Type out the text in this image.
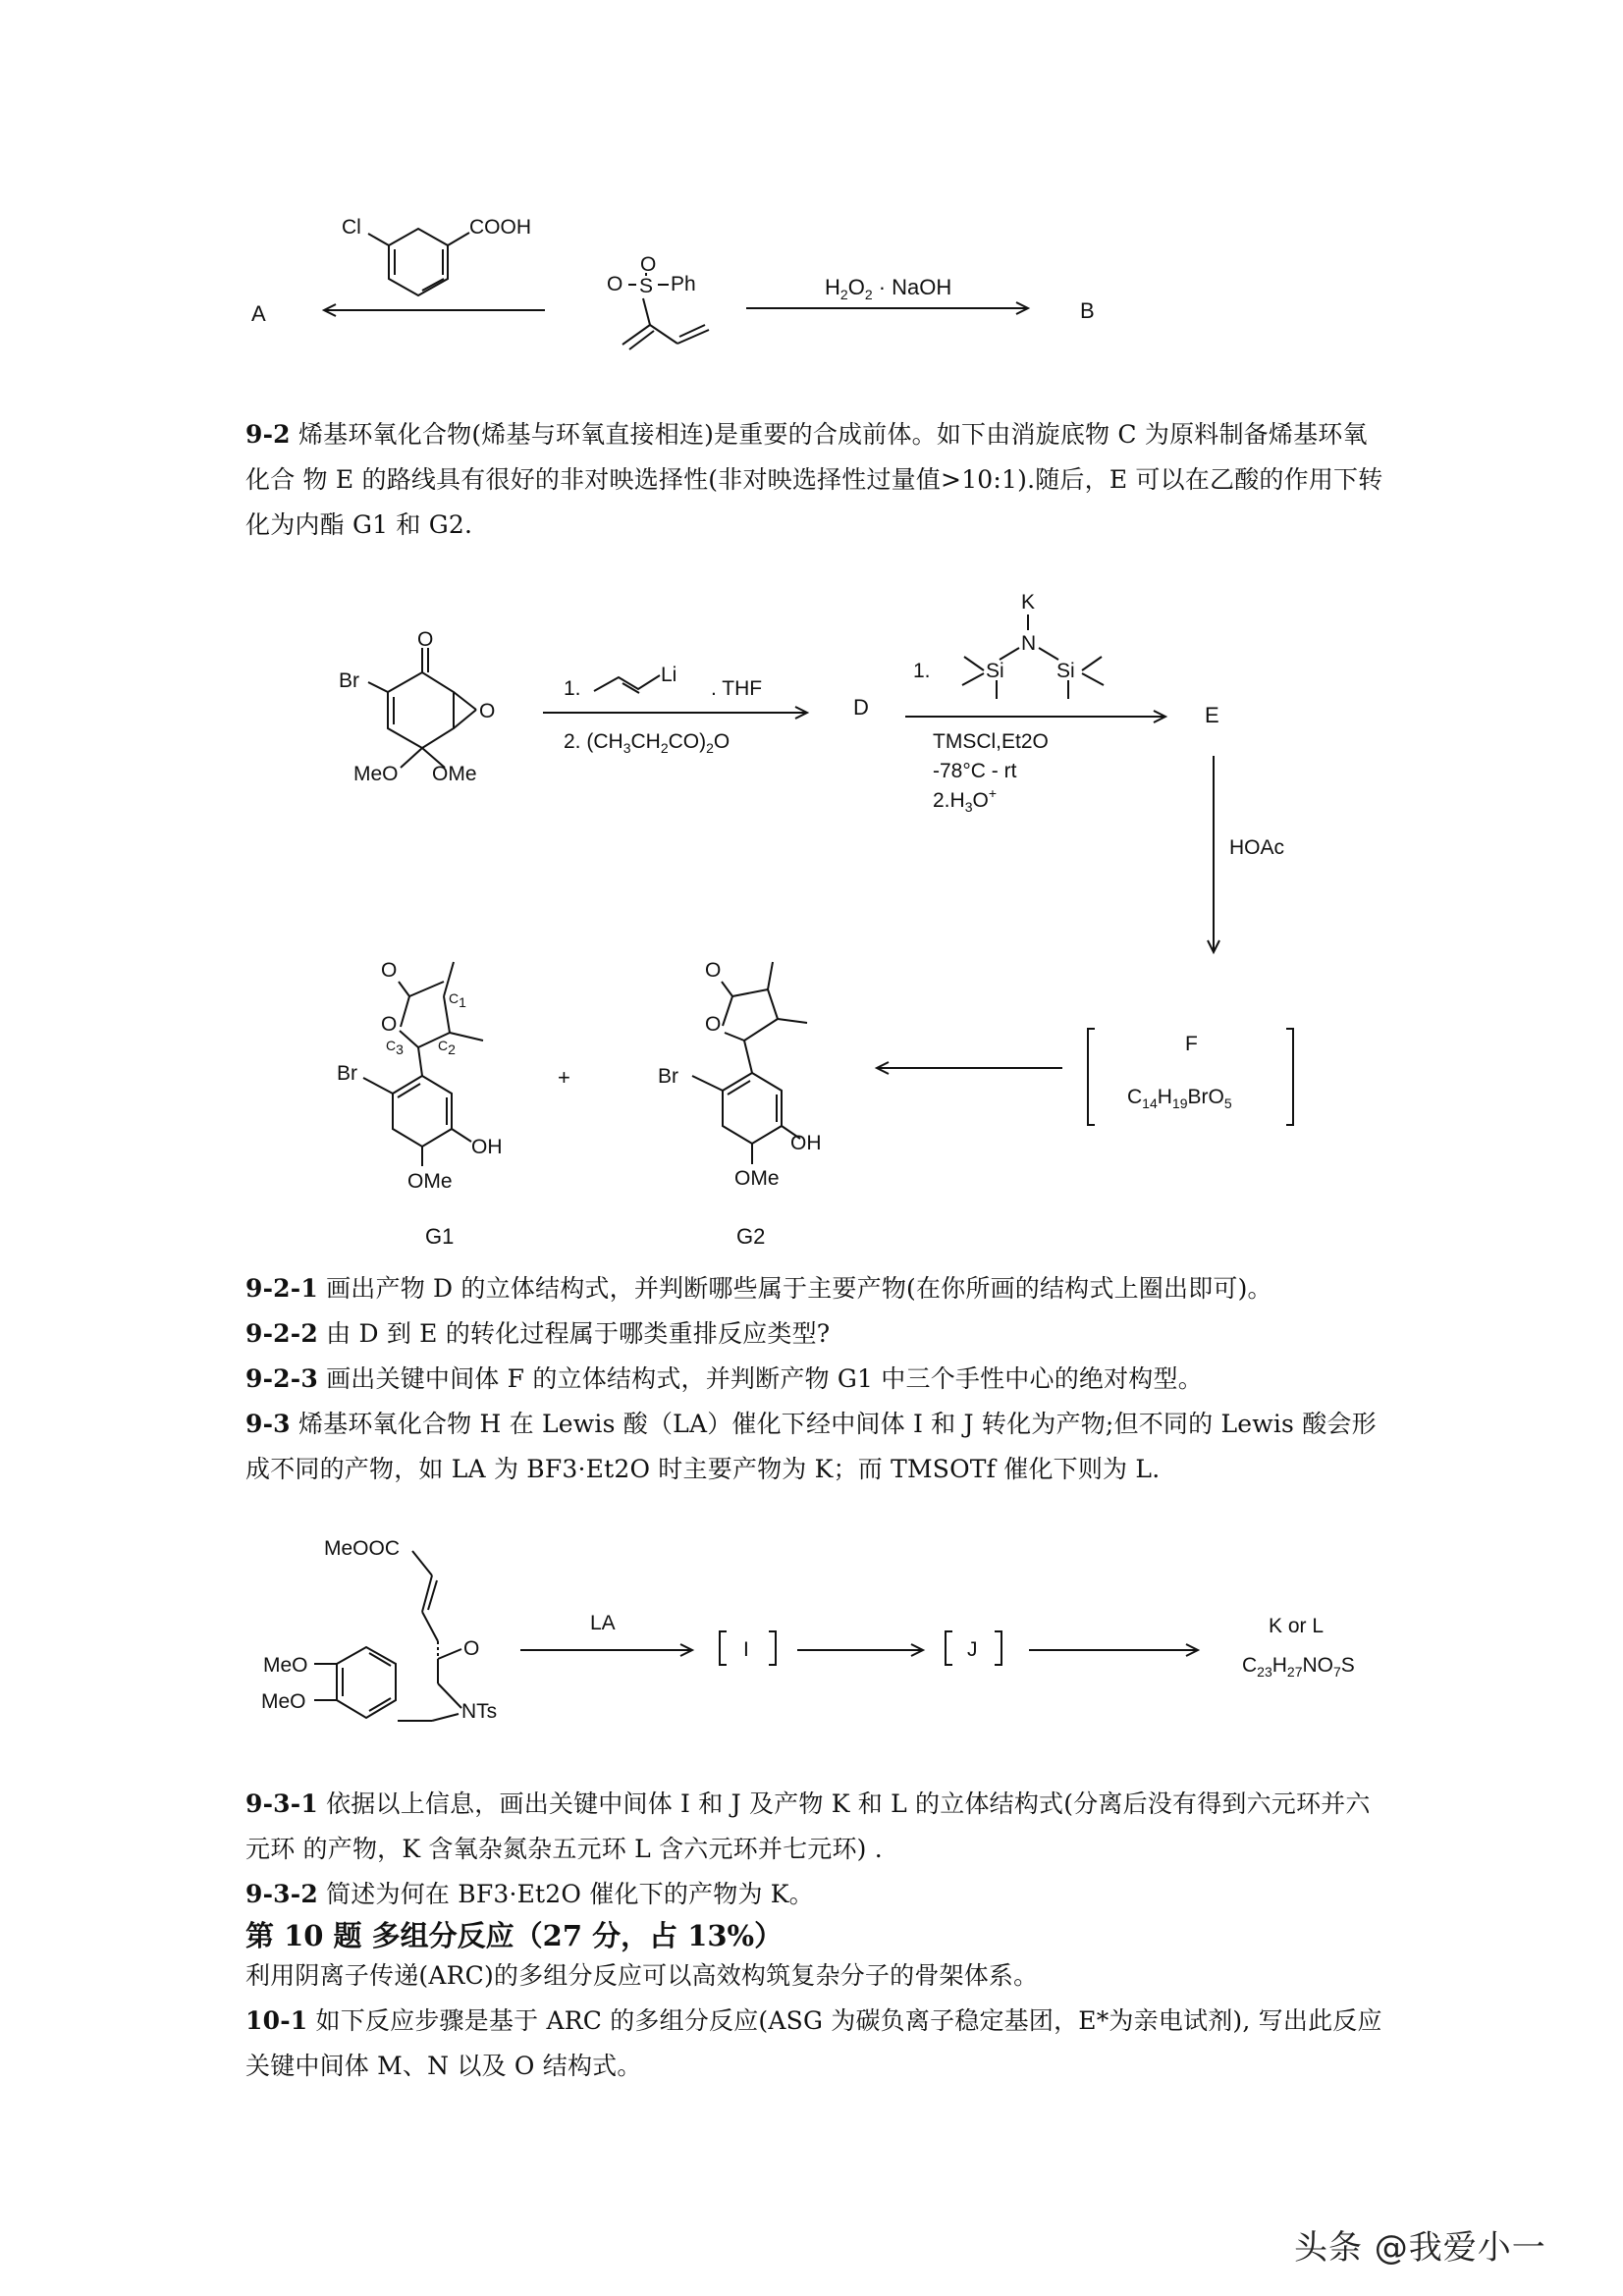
Cl	COOH
A
O
O S Ph	$H_2O_2$ · NaOH
B

9-2 烯基环氧化合物(烯基与环氧直接相连)是重要的合成前体。如下由消旋底物 C 为原料制备烯基环氧化合 物 E 的路线具有很好的非对映选择性(非对映选择性过量值>10:1).随后，E 可以在乙酸的作用下转化为内酯 G1 和 G2.

O
O
Br
MeO OMe
1.
Li
. THF
2. $(CH_3CH_2CO)_2O$
D
K
N
Si	Si
1.
TMSCl,Et2O
-78°C - rt
$2.H_3O^+$
E
HOAc
F
$C_{14}H_{19}BrO_5$
O
O
C1
C2
C3
Br
OH
OMe
+
G1
O
O
Br
OH
OMe
G2

9-2-1 画出产物 D 的立体结构式，并判断哪些属于主要产物(在你所画的结构式上圈出即可)。
9-2-2 由 D 到 E 的转化过程属于哪类重排反应类型?
9-2-3 画出关键中间体 F 的立体结构式，并判断产物 G1 中三个手性中心的绝对构型。
9-3 烯基环氧化合物 H 在 Lewis 酸（LA）催化下经中间体 I 和 J 转化为产物;但不同的 Lewis 酸会形成不同的产物，如 LA 为 BF3·Et2O 时主要产物为 K；而 TMSOTf 催化下则为 L.

MeOOC
O
NTs
MeO
MeO
LA
I	J
K or L
$C_{23}H_{27}NO_7S$

9-3-1 依据以上信息，画出关键中间体 I 和 J 及产物 K 和 L 的立体结构式(分离后没有得到六元环并六元环 的产物，K 含氧杂氮杂五元环 L 含六元环并七元环) .
9-3-2 简述为何在 BF3·Et2O 催化下的产物为 K。

第 10 题 多组分反应（27 分，占 13%）

利用阴离子传递(ARC)的多组分反应可以高效构筑复杂分子的骨架体系。
10-1 如下反应步骤是基于 ARC 的多组分反应(ASG 为碳负离子稳定基团，E*为亲电试剂), 写出此反应关键中间体 M、N 以及 O 结构式。

头条 @我爱小一
